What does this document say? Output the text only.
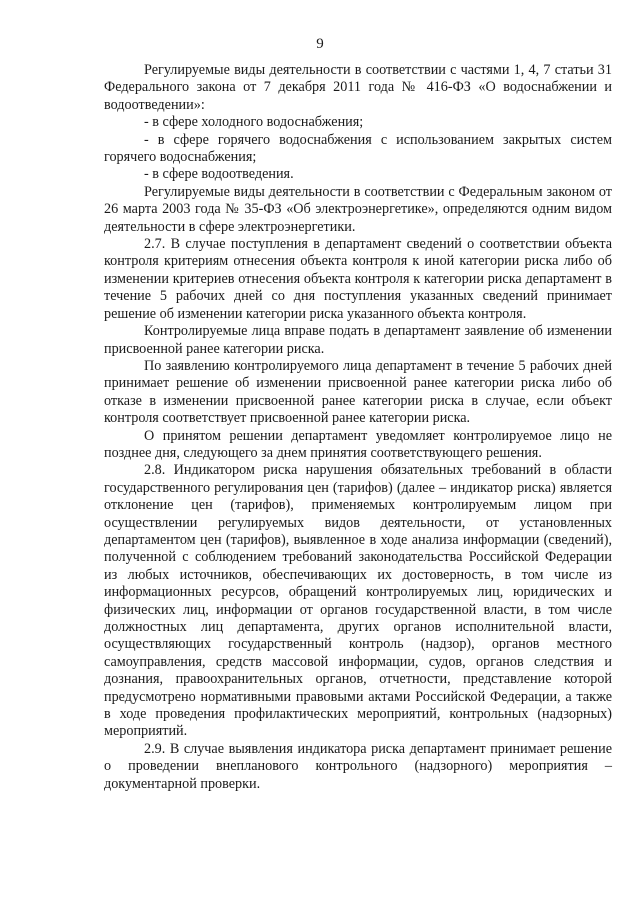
9

Регулируемые виды деятельности в соответствии с частями 1, 4, 7 статьи 31 Федерального закона от 7 декабря 2011 года № 416-ФЗ «О водоснабжении и водоотведении»:

- в сфере холодного водоснабжения;

- в сфере горячего водоснабжения с использованием закрытых систем горячего водоснабжения;

- в сфере водоотведения.

Регулируемые виды деятельности в соответствии с Федеральным законом от 26 марта 2003 года № 35-ФЗ «Об электроэнергетике», определяются одним видом деятельности в сфере электроэнергетики.

2.7. В случае поступления в департамент сведений о соответствии объекта контроля критериям отнесения объекта контроля к иной категории риска либо об изменении критериев отнесения объекта контроля к категории риска департамент в течение 5 рабочих дней со дня поступления указанных сведений принимает решение об изменении категории риска указанного объекта контроля.

Контролируемые лица вправе подать в департамент заявление об изменении присвоенной ранее категории риска.

По заявлению контролируемого лица департамент в течение 5 рабочих дней принимает решение об изменении присвоенной ранее категории риска либо об отказе в изменении присвоенной ранее категории риска в случае, если объект контроля соответствует присвоенной ранее категории риска.

О принятом решении департамент уведомляет контролируемое лицо не позднее дня, следующего за днем принятия соответствующего решения.

2.8. Индикатором риска нарушения обязательных требований в области государственного регулирования цен (тарифов) (далее – индикатор риска) является отклонение цен (тарифов), применяемых контролируемым лицом при осуществлении регулируемых видов деятельности, от установленных департаментом цен (тарифов), выявленное в ходе анализа информации (сведений), полученной с соблюдением требований законодательства Российской Федерации из любых источников, обеспечивающих их достоверность, в том числе из информационных ресурсов, обращений контролируемых лиц, юридических и физических лиц, информации от органов государственной власти, в том числе должностных лиц департамента, других органов исполнительной власти, осуществляющих государственный контроль (надзор), органов местного самоуправления, средств массовой информации, судов, органов следствия и дознания, правоохранительных органов, отчетности, представление которой предусмотрено нормативными правовыми актами Российской Федерации, а также в ходе проведения профилактических мероприятий, контрольных (надзорных) мероприятий.

2.9. В случае выявления индикатора риска департамент принимает решение о проведении внепланового контрольного (надзорного) мероприятия – документарной проверки.
